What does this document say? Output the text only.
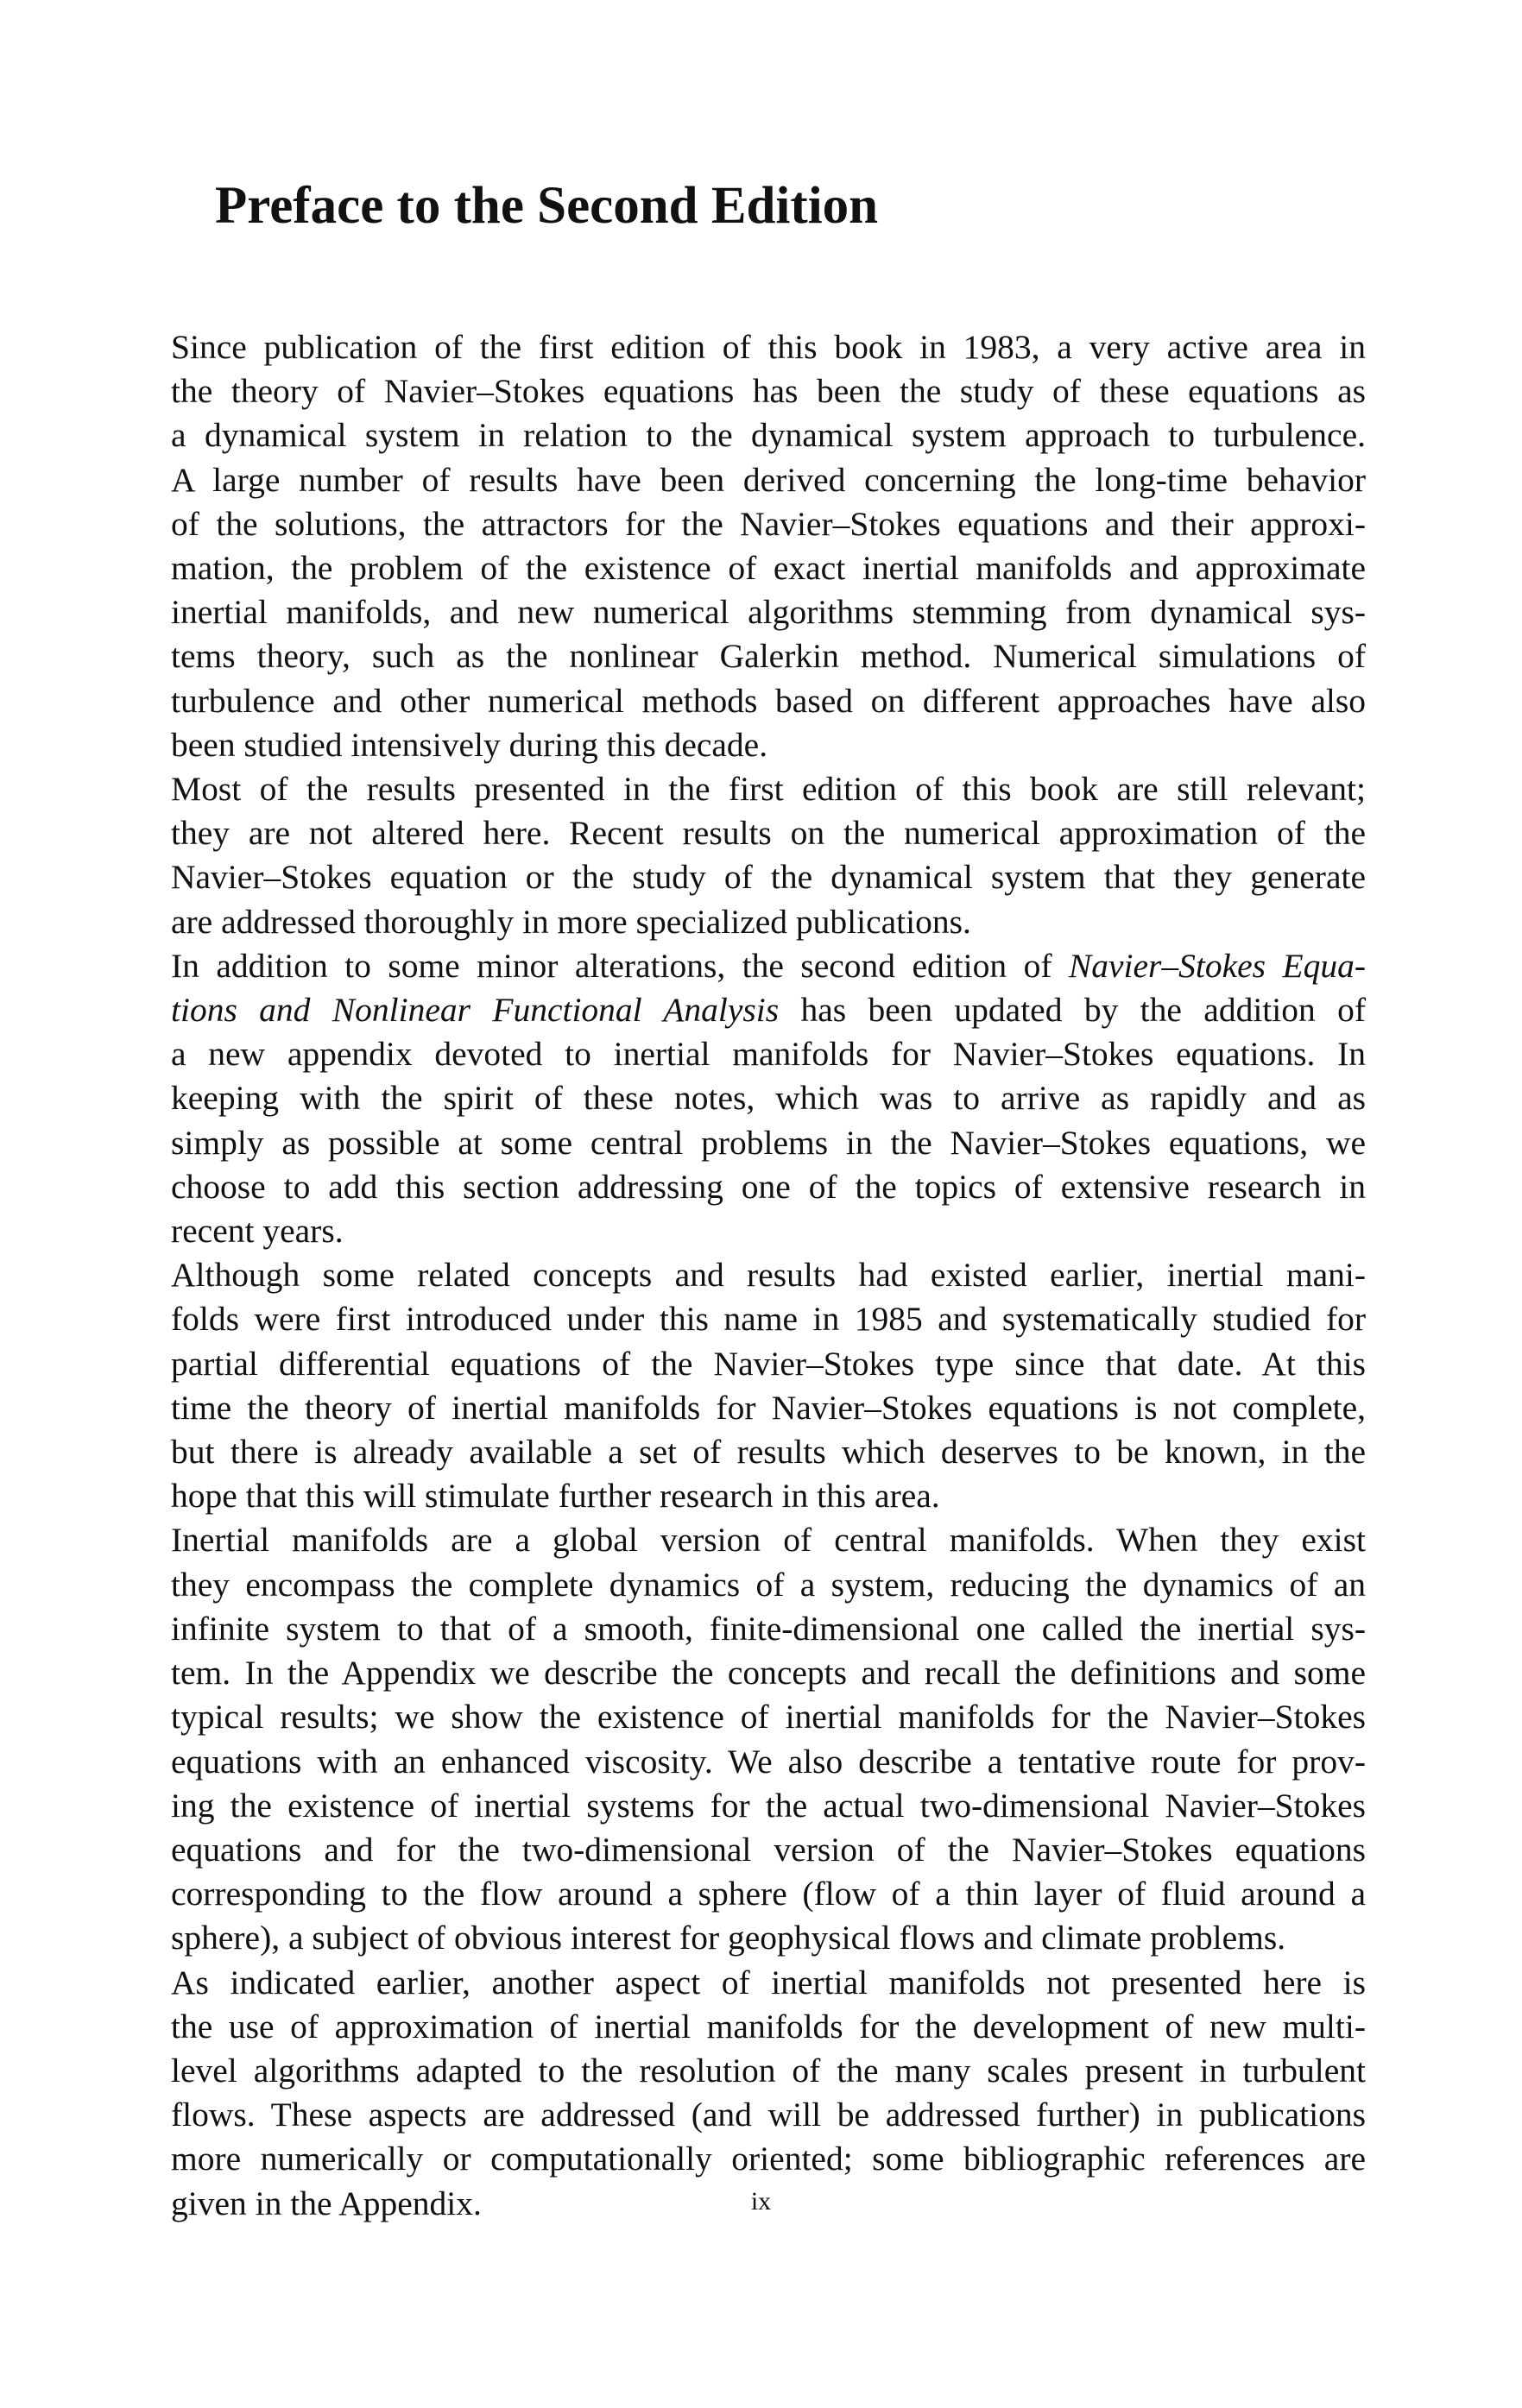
Preface to the Second Edition

Since publication of the first edition of this book in 1983, a very active area in
the theory of Navier–Stokes equations has been the study of these equations as
a dynamical system in relation to the dynamical system approach to turbulence.
A large number of results have been derived concerning the long-time behavior
of the solutions, the attractors for the Navier–Stokes equations and their approxi-
mation, the problem of the existence of exact inertial manifolds and approximate
inertial manifolds, and new numerical algorithms stemming from dynamical sys-
tems theory, such as the nonlinear Galerkin method. Numerical simulations of
turbulence and other numerical methods based on different approaches have also
been studied intensively during this decade.

Most of the results presented in the first edition of this book are still relevant;
they are not altered here. Recent results on the numerical approximation of the
Navier–Stokes equation or the study of the dynamical system that they generate
are addressed thoroughly in more specialized publications.

In addition to some minor alterations, the second edition of Navier–Stokes Equa-
tions and Nonlinear Functional Analysis has been updated by the addition of
a new appendix devoted to inertial manifolds for Navier–Stokes equations. In
keeping with the spirit of these notes, which was to arrive as rapidly and as
simply as possible at some central problems in the Navier–Stokes equations, we
choose to add this section addressing one of the topics of extensive research in
recent years.

Although some related concepts and results had existed earlier, inertial mani-
folds were first introduced under this name in 1985 and systematically studied for
partial differential equations of the Navier–Stokes type since that date. At this
time the theory of inertial manifolds for Navier–Stokes equations is not complete,
but there is already available a set of results which deserves to be known, in the
hope that this will stimulate further research in this area.

Inertial manifolds are a global version of central manifolds. When they exist
they encompass the complete dynamics of a system, reducing the dynamics of an
infinite system to that of a smooth, finite-dimensional one called the inertial sys-
tem. In the Appendix we describe the concepts and recall the definitions and some
typical results; we show the existence of inertial manifolds for the Navier–Stokes
equations with an enhanced viscosity. We also describe a tentative route for prov-
ing the existence of inertial systems for the actual two-dimensional Navier–Stokes
equations and for the two-dimensional version of the Navier–Stokes equations
corresponding to the flow around a sphere (flow of a thin layer of fluid around a
sphere), a subject of obvious interest for geophysical flows and climate problems.

As indicated earlier, another aspect of inertial manifolds not presented here is
the use of approximation of inertial manifolds for the development of new multi-
level algorithms adapted to the resolution of the many scales present in turbulent
flows. These aspects are addressed (and will be addressed further) in publications
more numerically or computationally oriented; some bibliographic references are
given in the Appendix.	ix
